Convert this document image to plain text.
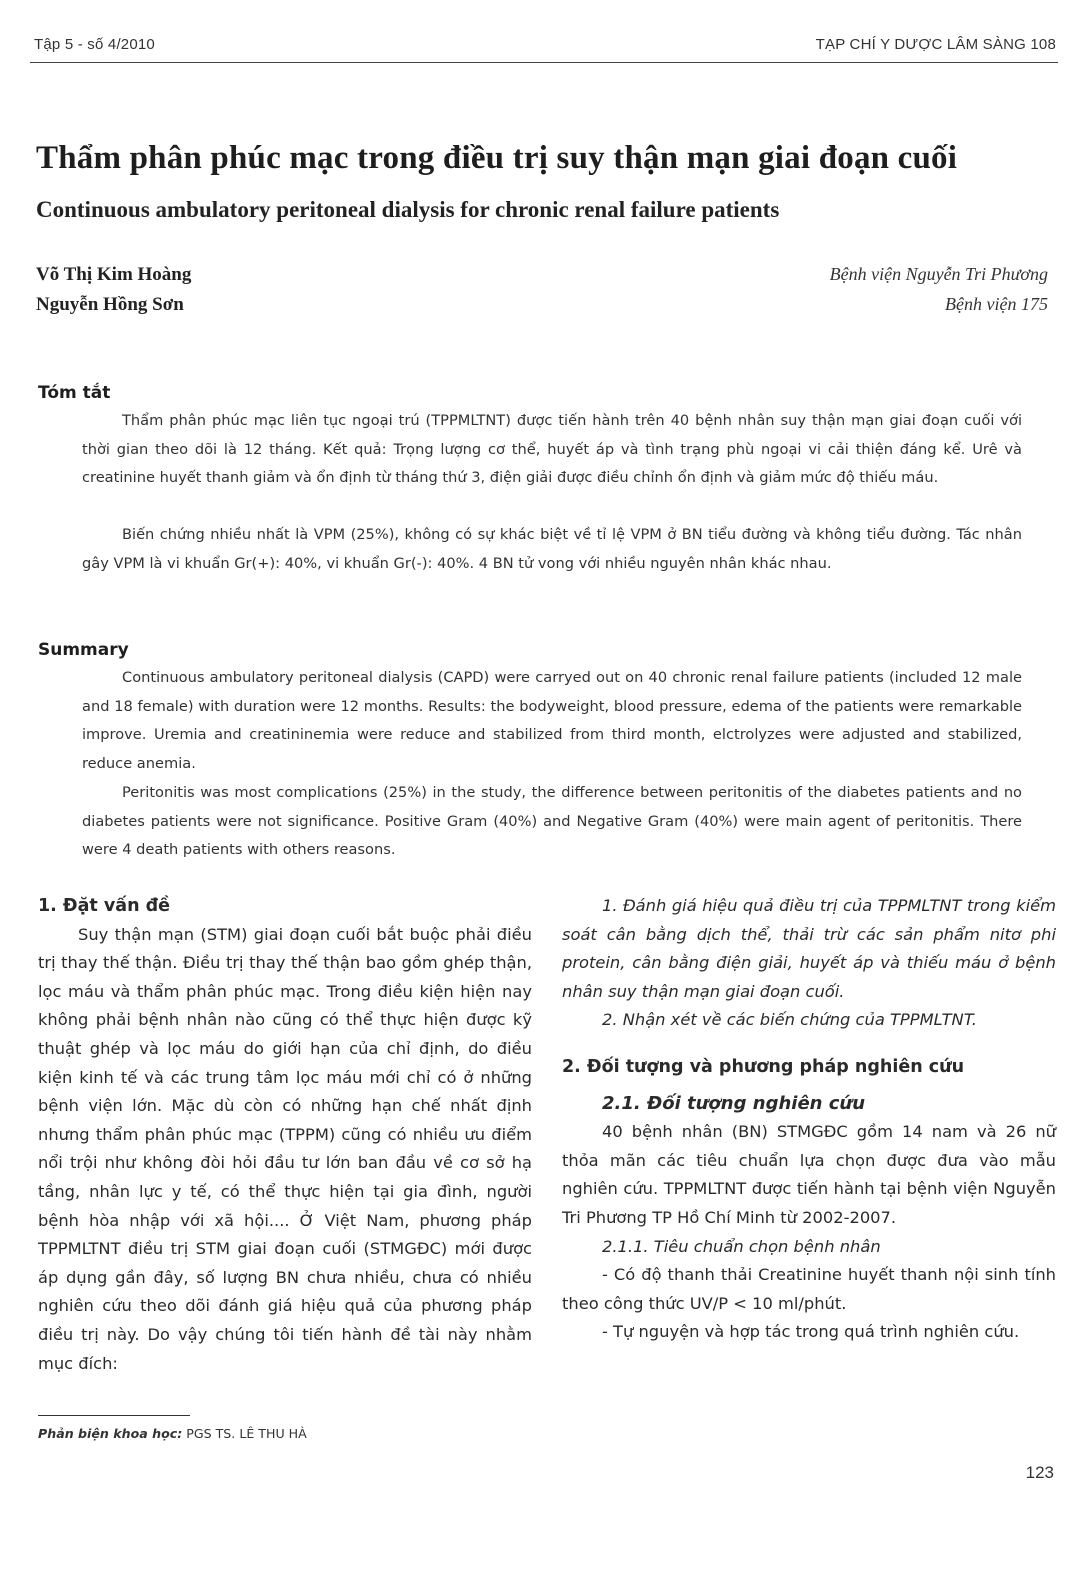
Tập 5 - số 4/2010	TẠP CHÍ Y DƯỢC LÂM SÀNG 108
Thẩm phân phúc mạc trong điều trị suy thận mạn giai đoạn cuối
Continuous ambulatory peritoneal dialysis for chronic renal failure patients
Võ Thị Kim Hoàng
Nguyễn Hồng Sơn
Bệnh viện Nguyễn Tri Phương
Bệnh viện 175
Tóm tắt
Thẩm phân phúc mạc liên tục ngoại trú (TPPMLTNT) được tiến hành trên 40 bệnh nhân suy thận mạn giai đoạn cuối với thời gian theo dõi là 12 tháng. Kết quả: Trọng lượng cơ thể, huyết áp và tình trạng phù ngoại vi cải thiện đáng kể. Urê và creatinine huyết thanh giảm và ổn định từ tháng thứ 3, điện giải được điều chỉnh ổn định và giảm mức độ thiếu máu.
Biến chứng nhiều nhất là VPM (25%), không có sự khác biệt về tỉ lệ VPM ở BN tiểu đường và không tiểu đường. Tác nhân gây VPM là vi khuẩn Gr(+): 40%, vi khuẩn Gr(-): 40%. 4 BN tử vong với nhiều nguyên nhân khác nhau.
Summary
Continuous ambulatory peritoneal dialysis (CAPD) were carryed out on 40 chronic renal failure patients (included 12 male and 18 female) with duration were 12 months. Results: the bodyweight, blood pressure, edema of the patients were remarkable improve. Uremia and creatininemia were reduce and stabilized from third month, elctrolyzes were adjusted and stabilized, reduce anemia.
Peritonitis was most complications (25%) in the study, the difference between peritonitis of the diabetes patients and no diabetes patients were not significance. Positive Gram (40%) and Negative Gram (40%) were main agent of peritonitis. There were 4 death patients with others reasons.
1. Đặt vấn đề

Suy thận mạn (STM) giai đoạn cuối bắt buộc phải điều trị thay thế thận. Điều trị thay thế thận bao gồm ghép thận, lọc máu và thẩm phân phúc mạc. Trong điều kiện hiện nay không phải bệnh nhân nào cũng có thể thực hiện được kỹ thuật ghép và lọc máu do giới hạn của chỉ định, do điều kiện kinh tế và các trung tâm lọc máu mới chỉ có ở những bệnh viện lớn. Mặc dù còn có những hạn chế nhất định nhưng thẩm phân phúc mạc (TPPM) cũng có nhiều ưu điểm nổi trội như không đòi hỏi đầu tư lớn ban đầu về cơ sở hạ tầng, nhân lực y tế, có thể thực hiện tại gia đình, người bệnh hòa nhập với xã hội.... Ở Việt Nam, phương pháp TPPMLTNT điều trị STM giai đoạn cuối (STMGĐC) mới được áp dụng gần đây, số lượng BN chưa nhiều, chưa có nhiều nghiên cứu theo dõi đánh giá hiệu quả của phương pháp điều trị này. Do vậy chúng tôi tiến hành đề tài này nhằm mục đích:

1. Đánh giá hiệu quả điều trị của TPPMLTNT trong kiểm soát cân bằng dịch thể, thải trừ các sản phẩm nitơ phi protein, cân bằng điện giải, huyết áp và thiếu máu ở bệnh nhân suy thận mạn giai đoạn cuối.

2. Nhận xét về các biến chứng của TPPMLTNT.

2. Đối tượng và phương pháp nghiên cứu
2.1. Đối tượng nghiên cứu

40 bệnh nhân (BN) STMGĐC gồm 14 nam và 26 nữ thỏa mãn các tiêu chuẩn lựa chọn được đưa vào mẫu nghiên cứu. TPPMLTNT được tiến hành tại bệnh viện Nguyễn Tri Phương TP Hồ Chí Minh từ 2002-2007.

2.1.1. Tiêu chuẩn chọn bệnh nhân

- Có độ thanh thải Creatinine huyết thanh nội sinh tính theo công thức UV/P < 10 ml/phút.

- Tự nguyện và hợp tác trong quá trình nghiên cứu.

Phản biện khoa học: PGS TS. LÊ THU HÀ
123
